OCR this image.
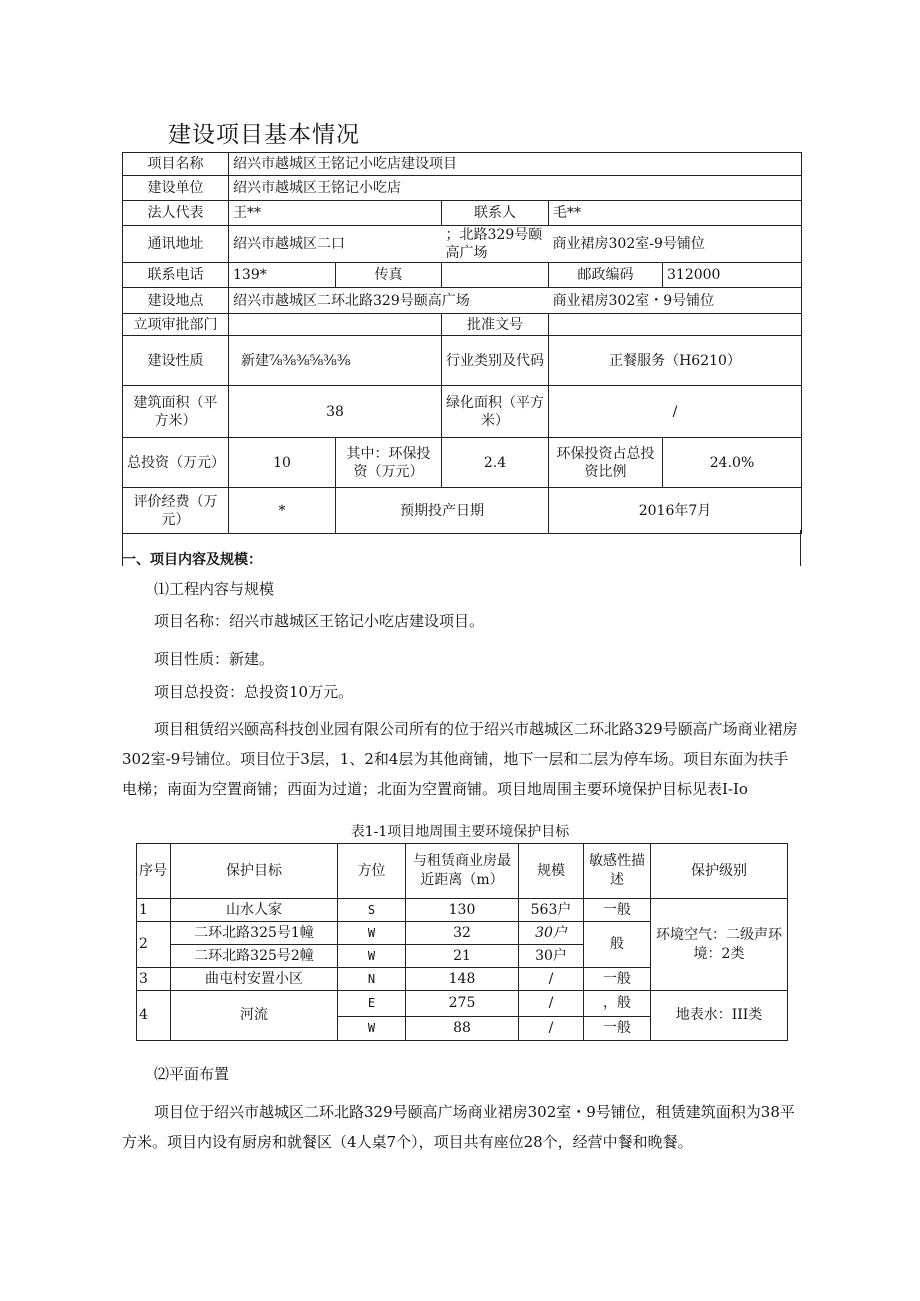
建设项目基本情况
项目名称	绍兴市越城区王铭记小吃店建设项目				
建设单位	绍兴市越城区王铭记小吃店				
法人代表	王**		联系人	毛**	
通讯地址	绍兴市越城区二口		；北路329号颐高广场	商业裙房302室-9号铺位	
联系电话	139*	传真		邮政编码	312000
建设地点	绍兴市越城区二环北路329号颐高广场			商业裙房302室・9号铺位	
立项审批部门			批准文号		
建设性质	新建⅞⅜⅜⅝⅜⅜		行业类别及代码	正餐服务（H6210）	
建筑面积（平方米）	38		绿化面积（平方米）	/	
总投资（万元）	10	其中：环保投资（万元）	2.4	环保投资占总投资比例	24.0%
评价经费（万元）	*	预期投产日期		2016年7月	
一、项目内容及规模：
⑴工程内容与规模
项目名称：绍兴市越城区王铭记小吃店建设项目。
项目性质：新建。
项目总投资：总投资10万元。
项目租赁绍兴颐高科技创业园有限公司所有的位于绍兴市越城区二环北路329号颐高广场商业裙房302室-9号铺位。项目位于3层，1、2和4层为其他商铺，地下一层和二层为停车场。项目东面为扶手电梯；南面为空置商铺；西面为过道；北面为空置商铺。项目地周围主要环境保护目标见表I-Io
表1-1项目地周围主要环境保护目标
序号	保护目标	方位	与租赁商业房最近距离（m）	规模	敏感性描述	保护级别
1	山水人家	S	130	563户	一般	环境空气：二级声环境：2类
2	二环北路325号1幢	W	32	30户	般	
	二环北路325号2幢	W	21	30户		
3	曲屯村安置小区	N	148	/	一般	
4	河流	E	275	/	，般	地表水：III类
		W	88	/	一般	
⑵平面布置
项目位于绍兴市越城区二环北路329号颐高广场商业裙房302室・9号铺位，租赁建筑面积为38平方米。项目内设有厨房和就餐区（4人桌7个），项目共有座位28个，经营中餐和晚餐。
